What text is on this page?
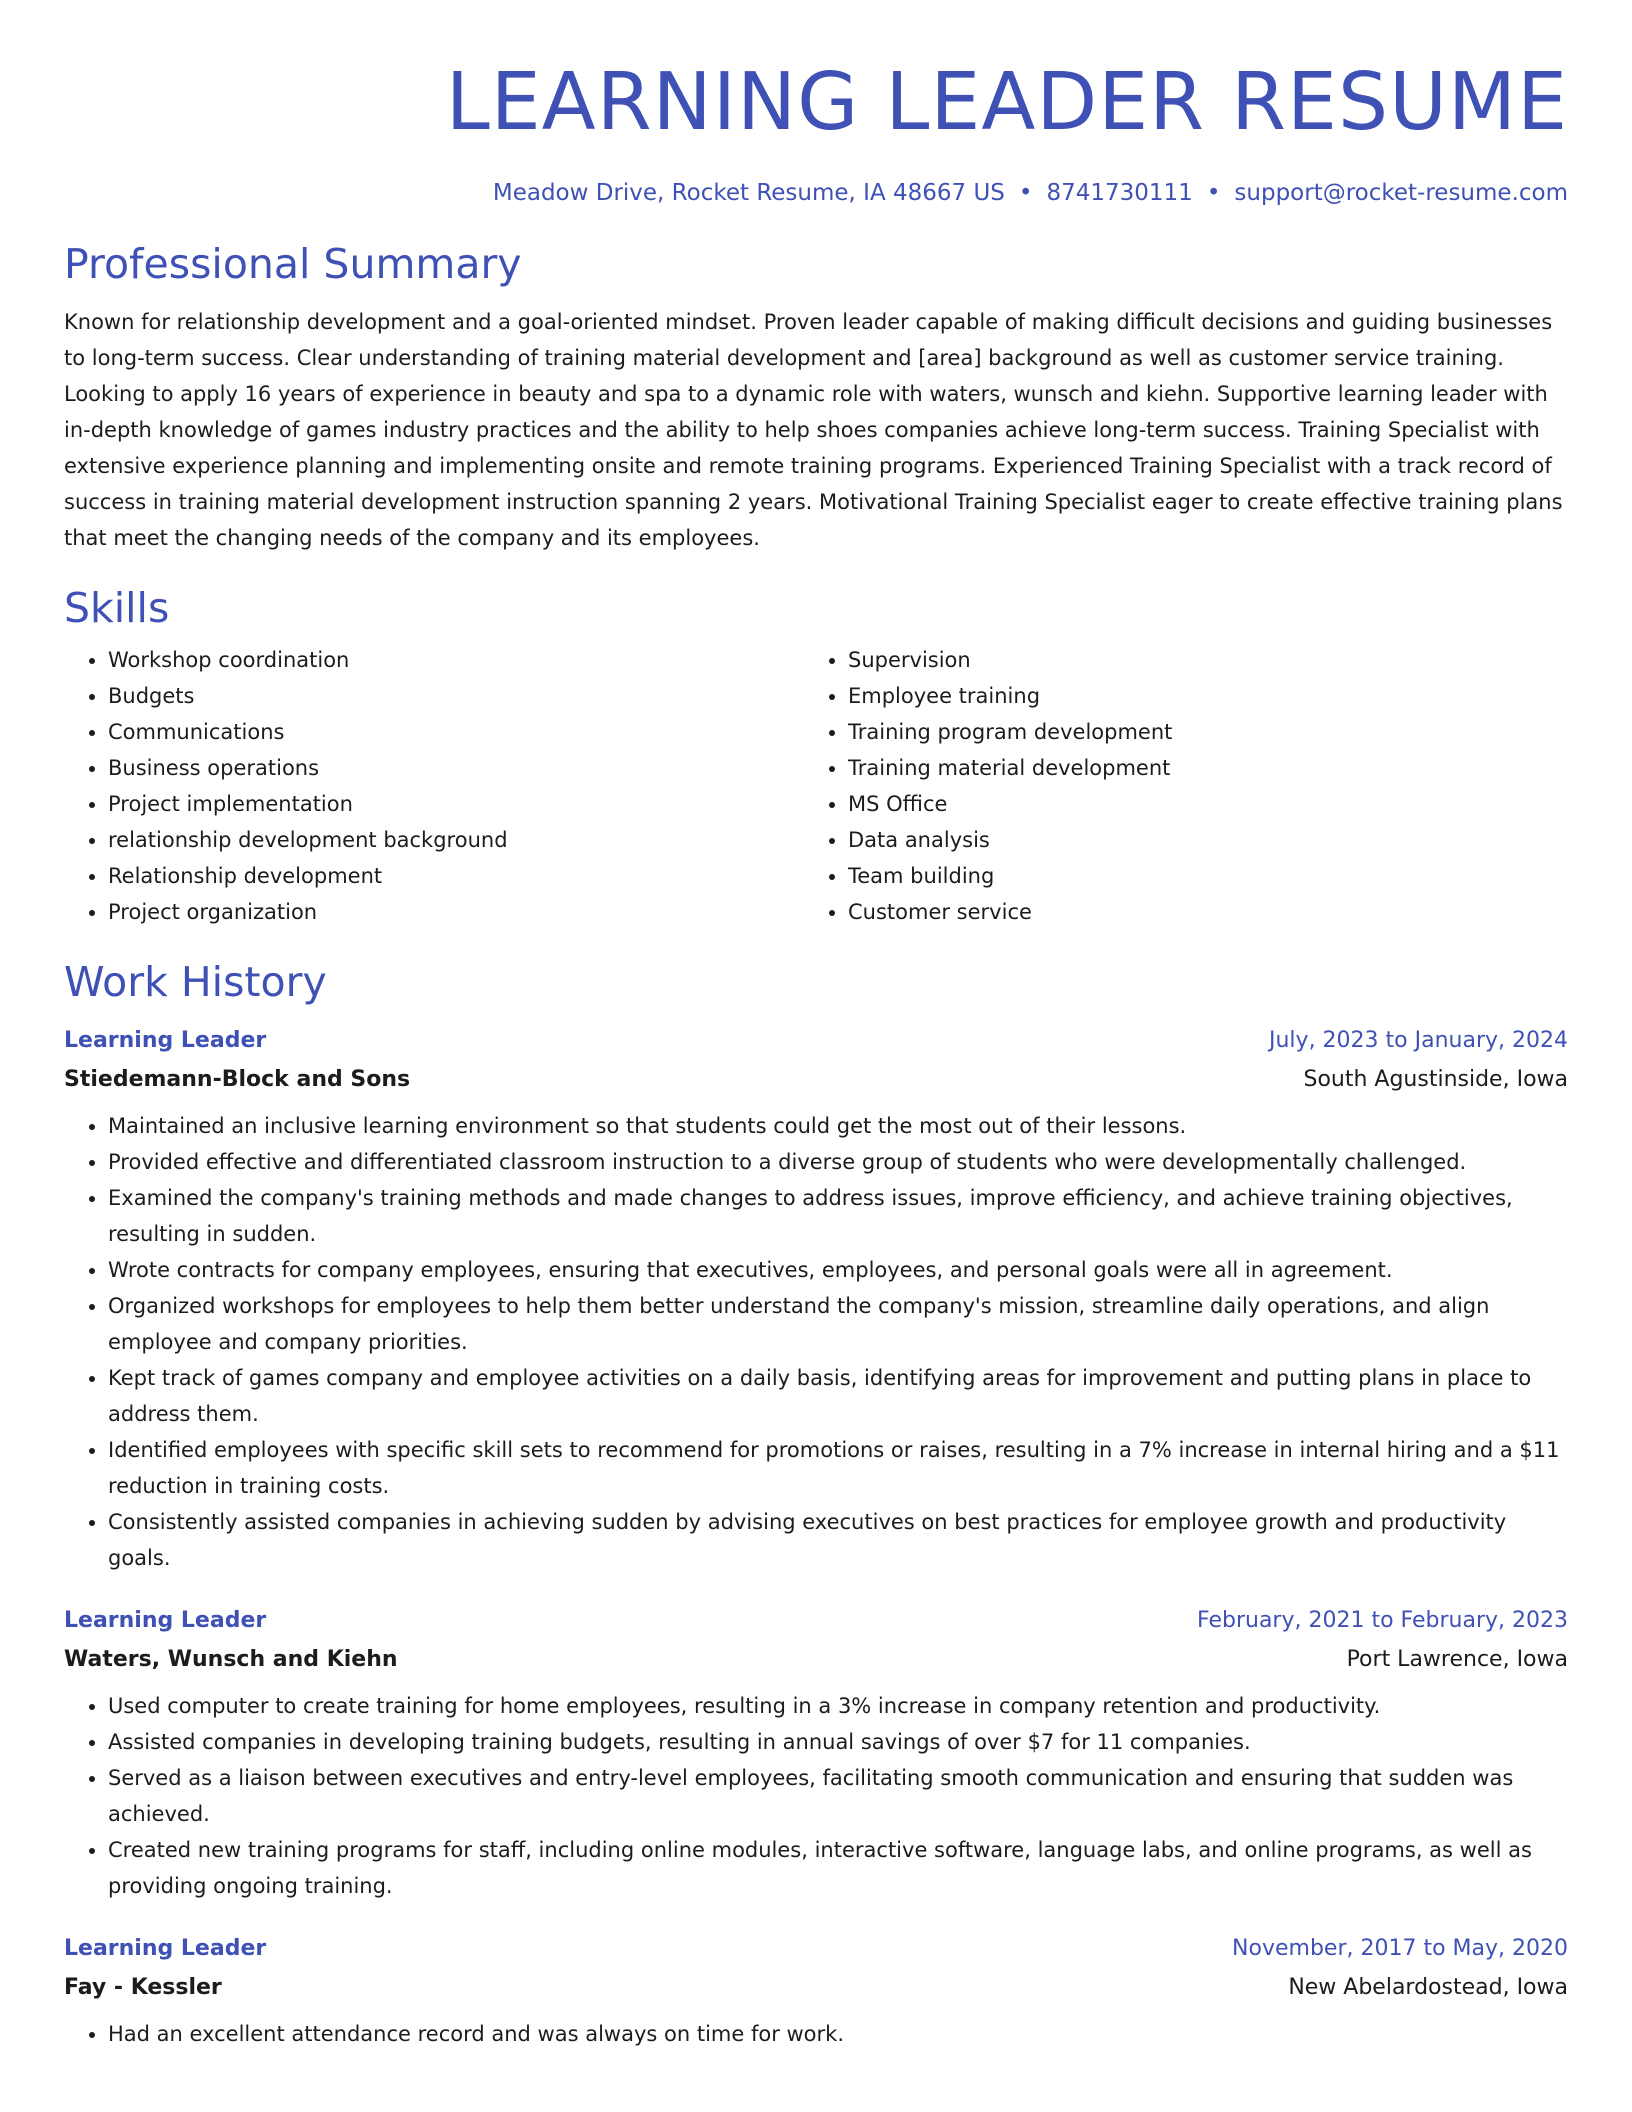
LEARNING LEADER RESUME
Meadow Drive, Rocket Resume, IA 48667 US • 8741730111 • support@rocket-resume.com
Professional Summary

Known for relationship development and a goal-oriented mindset. Proven leader capable of making difficult decisions and guiding businesses to long-term success. Clear understanding of training material development and [area] background as well as customer service training. Looking to apply 16 years of experience in beauty and spa to a dynamic role with waters, wunsch and kiehn. Supportive learning leader with in-depth knowledge of games industry practices and the ability to help shoes companies achieve long-term success. Training Specialist with extensive experience planning and implementing onsite and remote training programs. Experienced Training Specialist with a track record of success in training material development instruction spanning 2 years. Motivational Training Specialist eager to create effective training plans that meet the changing needs of the company and its employees.

Skills
• Workshop coordination
• Budgets
• Communications
• Business operations
• Project implementation
• relationship development background
• Relationship development
• Project organization
• Supervision
• Employee training
• Training program development
• Training material development
• MS Office
• Data analysis
• Team building
• Customer service
Work History
Learning Leader	July, 2023 to January, 2024
Stiedemann-Block and Sons	South Agustinside, Iowa
• Maintained an inclusive learning environment so that students could get the most out of their lessons.
• Provided effective and differentiated classroom instruction to a diverse group of students who were developmentally challenged.
• Examined the company's training methods and made changes to address issues, improve efficiency, and achieve training objectives, resulting in sudden.
• Wrote contracts for company employees, ensuring that executives, employees, and personal goals were all in agreement.
• Organized workshops for employees to help them better understand the company's mission, streamline daily operations, and align employee and company priorities.
• Kept track of games company and employee activities on a daily basis, identifying areas for improvement and putting plans in place to address them.
• Identified employees with specific skill sets to recommend for promotions or raises, resulting in a 7% increase in internal hiring and a $11 reduction in training costs.
• Consistently assisted companies in achieving sudden by advising executives on best practices for employee growth and productivity goals.
Learning Leader	February, 2021 to February, 2023
Waters, Wunsch and Kiehn	Port Lawrence, Iowa
• Used computer to create training for home employees, resulting in a 3% increase in company retention and productivity.
• Assisted companies in developing training budgets, resulting in annual savings of over $7 for 11 companies.
• Served as a liaison between executives and entry-level employees, facilitating smooth communication and ensuring that sudden was achieved.
• Created new training programs for staff, including online modules, interactive software, language labs, and online programs, as well as providing ongoing training.
Learning Leader	November, 2017 to May, 2020
Fay - Kessler	New Abelardostead, Iowa
• Had an excellent attendance record and was always on time for work.
